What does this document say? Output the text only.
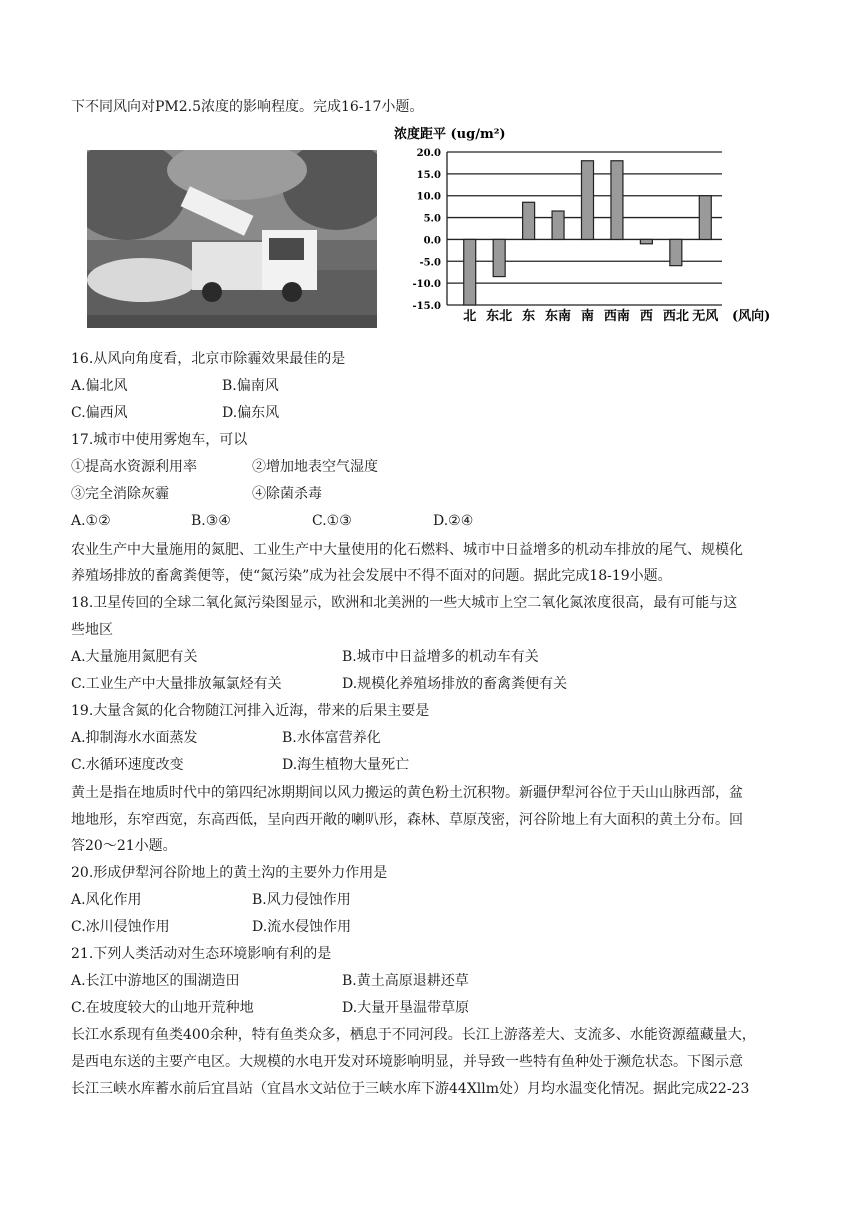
下不同风向对PM2.5浓度的影响程度。完成16-17小题。
浓度距平 (ug/m²)
20.0
15.0
10.0
5.0
0.0
-5.0
-10.0
-15.0
北 东北 东 东南 南 西南 西 西北 无风 (风向)
16.从风向角度看，北京市除霾效果最佳的是
A.偏北风	B.偏南风
C.偏西风	D.偏东风
17.城市中使用雾炮车，可以
①提高水资源利用率	②增加地表空气湿度
③完全消除灰霾	④除菌杀毒
A.①②	B.③④	C.①③	D.②④
农业生产中大量施用的氮肥、工业生产中大量使用的化石燃料、城市中日益增多的机动车排放的尾气、规模化
养殖场排放的畜禽粪便等，使“氮污染”成为社会发展中不得不面对的问题。据此完成18-19小题。
18.卫星传回的全球二氧化氮污染图显示，欧洲和北美洲的一些大城市上空二氧化氮浓度很高，最有可能与这
些地区
A.大量施用氮肥有关	B.城市中日益增多的机动车有关
C.工业生产中大量排放氟氯烃有关	D.规模化养殖场排放的畜禽粪便有关
19.大量含氮的化合物随江河排入近海，带来的后果主要是
A.抑制海水水面蒸发	B.水体富营养化
C.水循环速度改变	D.海生植物大量死亡
黄土是指在地质时代中的第四纪冰期期间以风力搬运的黄色粉土沉积物。新疆伊犁河谷位于天山山脉西部，盆
地地形，东窄西宽，东高西低，呈向西开敞的喇叭形，森林、草原茂密，河谷阶地上有大面积的黄土分布。回
答20～21小题。
20.形成伊犁河谷阶地上的黄土沟的主要外力作用是
A.风化作用	B.风力侵蚀作用
C.冰川侵蚀作用	D.流水侵蚀作用
21.下列人类活动对生态环境影响有利的是
A.长江中游地区的围湖造田	B.黄土高原退耕还草
C.在坡度较大的山地开荒种地	D.大量开垦温带草原
长江水系现有鱼类400余种，特有鱼类众多，栖息于不同河段。长江上游落差大、支流多、水能资源蕴藏量大，
是西电东送的主要产电区。大规模的水电开发对环境影响明显，并导致一些特有鱼种处于濒危状态。下图示意
长江三峡水库蓄水前后宜昌站（宜昌水文站位于三峡水库下游44Xllm处）月均水温变化情况。据此完成22-23
